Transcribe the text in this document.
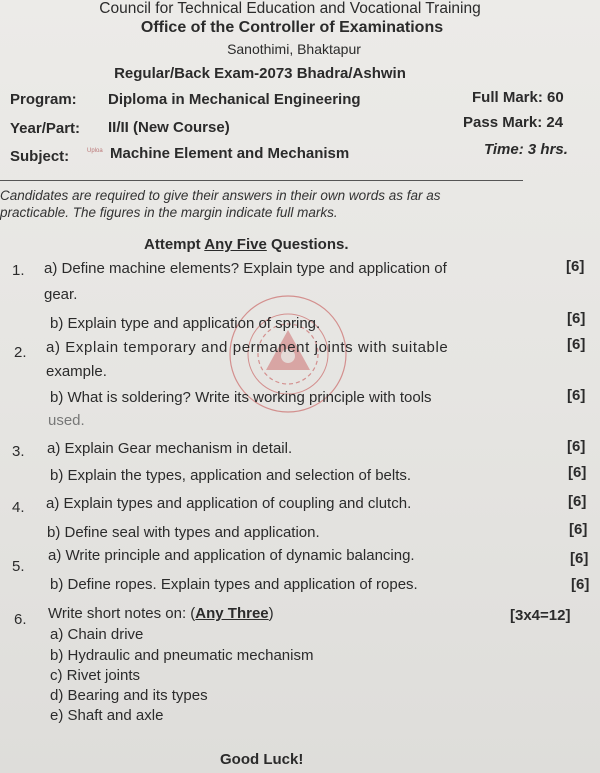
Council for Technical Education and Vocational Training
Office of the Controller of Examinations
Sanothimi, Bhaktapur
Regular/Back Exam-2073 Bhadra/Ashwin
Program: Diploma in Mechanical Engineering	Full Mark: 60
Year/Part: II/II (New Course)	Pass Mark: 24
Subject:	Uploa Machine Element and Mechanism	Time: 3 hrs.
Candidates are required to give their answers in their own words as far as
practicable. The figures in the margin indicate full marks.
Attempt Any Five Questions.
1. a) Define machine elements? Explain type and application of	[6]
gear.
b) Explain type and application of spring.	[6]
2. a) Explain temporary and permanent joints with suitable	[6]
example.
b) What is soldering? Write its working principle with tools	[6]
used.
3. a) Explain Gear mechanism in detail.	[6]
b) Explain the types, application and selection of belts.	[6]
4. a) Explain types and application of coupling and clutch.	[6]
b) Define seal with types and application.	[6]
5.
a) Write principle and application of dynamic balancing.	[6]
b) Define ropes. Explain types and application of ropes.	[6]
6. Write short notes on: (Any Three)	[3x4=12]
a) Chain drive
b) Hydraulic and pneumatic mechanism
c) Rivet joints
d) Bearing and its types
e) Shaft and axle
Good Luck!
